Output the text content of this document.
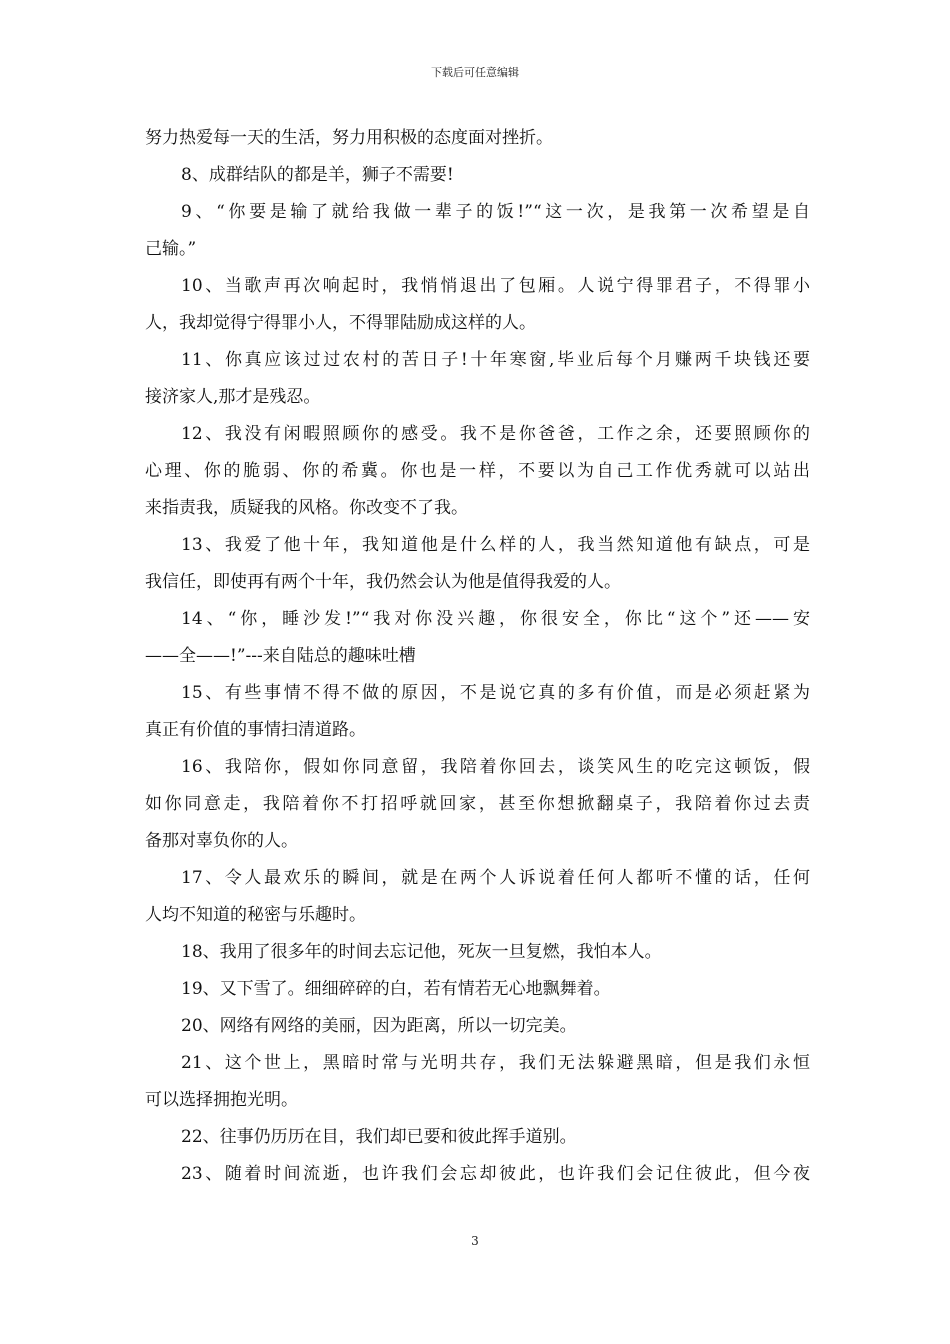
下载后可任意编辑
努力热爱每一天的生活，努力用积极的态度面对挫折。
8、成群结队的都是羊，狮子不需要!
9、“你要是输了就给我做一辈子的饭!”“这一次，是我第一次希望是自
己输。”
10、当歌声再次响起时，我悄悄退出了包厢。人说宁得罪君子，不得罪小
人，我却觉得宁得罪小人，不得罪陆励成这样的人。
11、你真应该过过农村的苦日子!十年寒窗,毕业后每个月赚两千块钱还要
接济家人,那才是残忍。
12、我没有闲暇照顾你的感受。我不是你爸爸，工作之余，还要照顾你的
心理、你的脆弱、你的希冀。你也是一样，不要以为自己工作优秀就可以站出
来指责我，质疑我的风格。你改变不了我。
13、我爱了他十年，我知道他是什么样的人，我当然知道他有缺点，可是
我信任，即使再有两个十年，我仍然会认为他是值得我爱的人。
14、“你，睡沙发!”“我对你没兴趣，你很安全，你比“这个”还——安
——全——!”---来自陆总的趣味吐槽
15、有些事情不得不做的原因，不是说它真的多有价值，而是必须赶紧为
真正有价值的事情扫清道路。
16、我陪你，假如你同意留，我陪着你回去，谈笑风生的吃完这顿饭，假
如你同意走，我陪着你不打招呼就回家，甚至你想掀翻桌子，我陪着你过去责
备那对辜负你的人。
17、令人最欢乐的瞬间，就是在两个人诉说着任何人都听不懂的话，任何
人均不知道的秘密与乐趣时。
18、我用了很多年的时间去忘记他，死灰一旦复燃，我怕本人。
19、又下雪了。细细碎碎的白，若有情若无心地飘舞着。
20、网络有网络的美丽，因为距离，所以一切完美。
21、这个世上，黑暗时常与光明共存，我们无法躲避黑暗，但是我们永恒
可以选择拥抱光明。
22、往事仍历历在目，我们却已要和彼此挥手道别。
23、随着时间流逝，也许我们会忘却彼此，也许我们会记住彼此，但今夜
3
